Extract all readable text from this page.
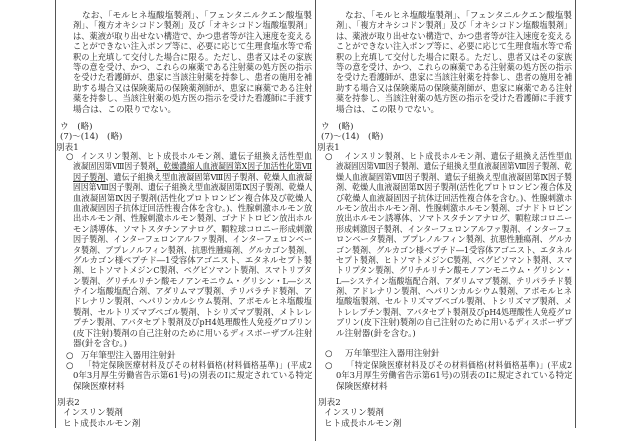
なお、「モルヒネ塩酸塩製剤」、「フェンタニルクエン酸塩製
剤」、「複方オキシコドン製剤」及び「オキシコドン塩酸塩製剤」
は、薬液が取り出せない構造で、かつ患者等が注入速度を変える
ことができない注入ポンプ等に、必要に応じて生理食塩水等で希
釈の上充填して交付した場合に限る。ただし、患者又はその家族
等の意を受け、かつ、これらの麻薬である注射薬の処方医の指示
を受けた看護師が、患家に当該注射薬を持参し、患者の施用を補
助する場合又は保険薬局の保険薬剤師が、患家に麻薬である注射
薬を持参し、当該注射薬の処方医の指示を受けた看護師に手渡す
場合は、この限りでない。
ウ　(略)
(7)～(14)　(略)
別表1
○ インスリン製剤、ヒト成長ホルモン剤、遺伝子組換え活性型血
液凝固因第Ⅷ因子製剤、乾燥濃縮人血液凝固第Ⅹ因子加活性化第Ⅶ
因子製剤、遺伝子組換え型血液凝固第Ⅷ因子製剤、乾燥人血液凝
固因第Ⅷ因子製剤、遺伝子組換え型血液凝固第Ⅸ因子製剤、乾燥人
血液凝固第Ⅸ因子製剤(活性化プロトロンビン複合体及び乾燥人
血液凝固因子抗体迂回活性複合体を含む。)、性腺刺激ホルモン放
出ホルモン剤、性腺刺激ホルモン製剤、ゴナドトロピン放出ホル
モン誘導体、ソマトスタチンアナログ、顆粒球コロニー形成刺激
因子製剤、インターフェロンアルファ製剤、インターフェロンベー
タ製剤、ブプレノルフィン製剤、抗悪性腫瘍剤、グルカゴン製剤、
グルカゴン様ペプチド―1受容体アゴニスト、エタネルセプト製
剤、ヒトソマトメジンC製剤、ペグビソマント製剤、スマトリプタ
ン製剤、グリチルリチン酸モノアンモニウム・グリシン・L―シス
テイン塩酸塩配合剤、アダリムマブ製剤、テリパラチド製剤、ア
ドレナリン製剤、ヘパリンカルシウム製剤、アポモルヒネ塩酸塩
製剤、セルトリズマブペゴル製剤、トシリズマブ製剤、メトレレ
プチン製剤、アバタセプト製剤及びpH4処理酸性人免疫グロブリン
(皮下注射)製剤の自己注射のために用いるディスポーザブル注射
器(針を含む。)
○ 万年筆型注入器用注射針
○	「特定保険医療材料及びその材料価格(材料価格基準)」(平成2
0年3月厚生労働省告示第61号)の別表のⅠに規定されている特定
保険医療材料
別表2
インスリン製剤
ヒト成長ホルモン剤
なお、「モルヒネ塩酸塩製剤」、「フェンタニルクエン酸塩製
剤」、「複方オキシコドン製剤」及び「オキシコドン塩酸塩製剤」
は、薬液が取り出せない構造で、かつ患者等が注入速度を変える
ことができない注入ポンプ等に、必要に応じて生理食塩水等で希
釈の上充填して交付した場合に限る。ただし、患者又はその家族
等の意を受け、かつ、これらの麻薬である注射薬の処方医の指示
を受けた看護師が、患家に当該注射薬を持参し、患者の施用を補
助する場合又は保険薬局の保険薬剤師が、患家に麻薬である注射
薬を持参し、当該注射薬の処方医の指示を受けた看護師に手渡す
場合は、この限りでない。
ウ　(略)
(7)～(14)　(略)
別表1
○	インスリン製剤、ヒト成長ホルモン剤、遺伝子組換え活性型血
液凝固因第Ⅷ因子製剤、遺伝子組換え型血液凝固第Ⅷ因子製剤、乾
燥人血液凝固第Ⅷ因子製剤、遺伝子組換え型血液凝固第Ⅸ因子製
剤、乾燥人血液凝固第Ⅸ因子製剤(活性化プロトロンビン複合体及
び乾燥人血液凝固因子抗体迂回活性複合体を含む。)、性腺刺激ホ
ルモン放出ホルモン剤、性腺刺激ホルモン製剤、ゴナドトロピン
放出ホルモン誘導体、ソマトスタチンアナログ、顆粒球コロニー
形成刺激因子製剤、インターフェロンアルファ製剤、インターフェ
ロンベータ製剤、ブプレノルフィン製剤、抗悪性腫瘍剤、グルカ
ゴン製剤、グルカゴン様ペプチド―1受容体アゴニスト、エタネル
セプト製剤、ヒトソマトメジンC製剤、ペグビソマント製剤、スマ
トリプタン製剤、グリチルリチン酸モノアンモニウム・グリシン・
L―システイン塩酸塩配合剤、アダリムマブ製剤、テリパラチド製
剤、アドレナリン製剤、ヘパリンカルシウム製剤、アポモルヒネ
塩酸塩製剤、セルトリズマブペゴル製剤、トシリズマブ製剤、メ
トレレプチン製剤、アバタセプト製剤及びpH4処理酸性人免疫グロ
ブリン(皮下注射)製剤の自己注射のために用いるディスポーザブ
ル注射器(針を含む。)
○	万年筆型注入器用注射針
○	「特定保険医療材料及びその材料価格(材料価格基準)」(平成2
0年3月厚生労働省告示第61号)の別表のⅠに規定されている特定
保険医療材料
別表2
インスリン製剤
ヒト成長ホルモン剤
